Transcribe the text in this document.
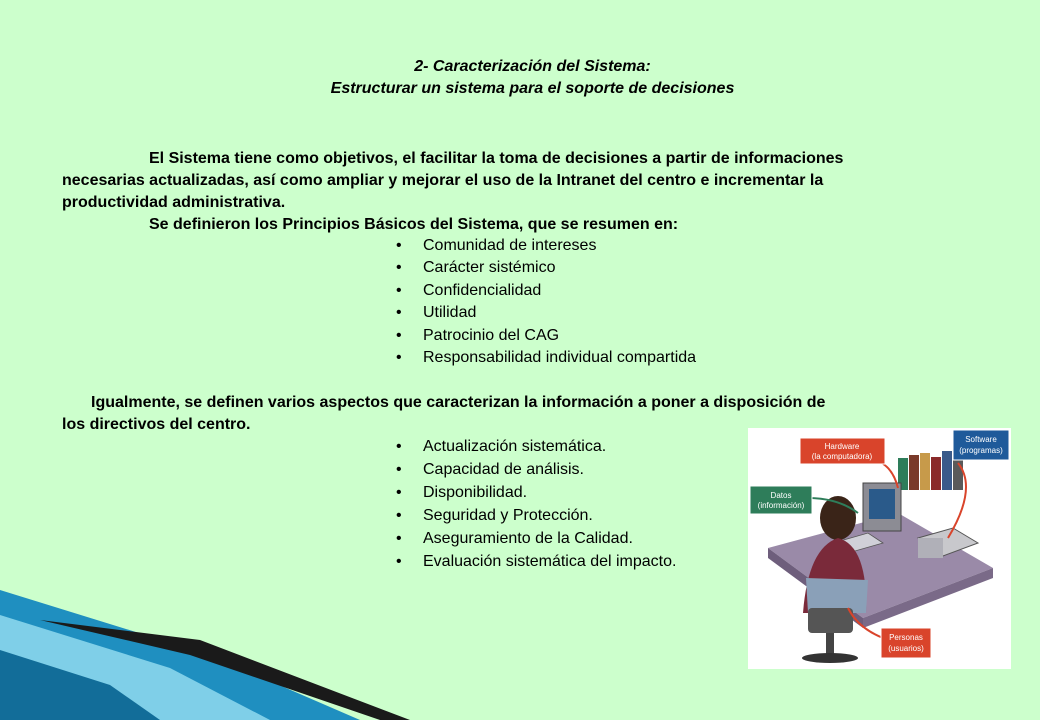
2- Caracterización del Sistema:
Estructurar un sistema para el soporte de decisiones
El Sistema tiene como objetivos, el facilitar la toma de decisiones a partir de informaciones
necesarias actualizadas, así como ampliar y mejorar el uso de la Intranet del centro e incrementar la
productividad administrativa.
Se definieron los Principios Básicos del Sistema, que se resumen en:
•	Comunidad de intereses
•	Carácter sistémico
•	Confidencialidad
•	Utilidad
•	Patrocinio del CAG
•	Responsabilidad individual compartida
Igualmente, se definen varios aspectos que caracterizan la información a poner a disposición de
los directivos del centro.
•	Actualización sistemática.
•	Capacidad de análisis.
•	Disponibilidad.
•	Seguridad y Protección.
•	Aseguramiento de la Calidad.
•	Evaluación sistemática del impacto.
Hardware
(la computadora)
Software
(programas)
Datos
(información)
Personas
(usuarios)
